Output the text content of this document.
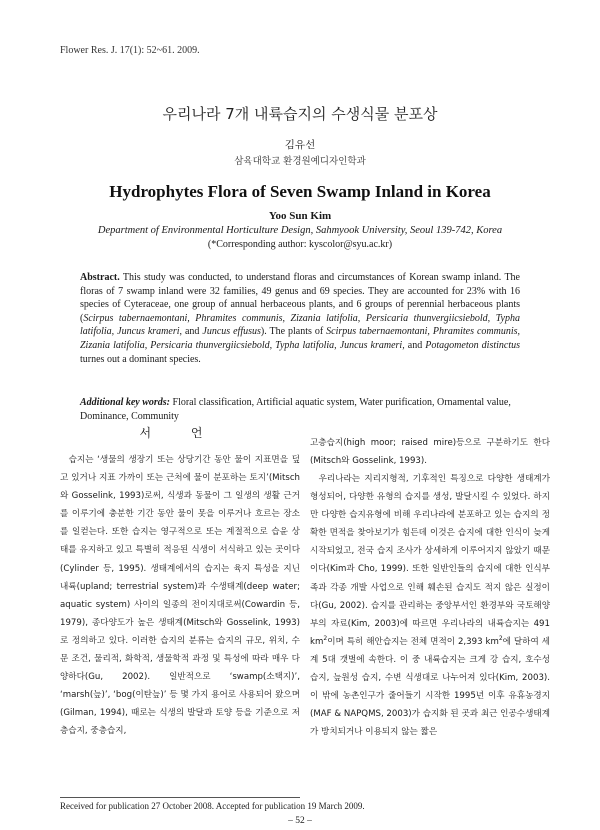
Flower Res. J. 17(1): 52~61. 2009.
우리나라 7개 내륙습지의 수생식물 분포상
김유선
삼육대학교 환경원예디자인학과
Hydrophytes Flora of Seven Swamp Inland in Korea
Yoo Sun Kim
Department of Environmental Horticulture Design, Sahmyook University, Seoul 139-742, Korea
(*Corresponding author: kyscolor@syu.ac.kr)
Abstract. This study was conducted, to understand floras and circumstances of Korean swamp inland. The floras of 7 swamp inland were 32 families, 49 genus and 69 species. They are accounted for 23% with 16 species of Cyteraceae, one group of annual herbaceous plants, and 6 groups of perennial herbaceous plants (Scirpus tabernaemontani, Phramites communis, Zizania latifolia, Persicaria thunvergiicsiebold, Typha latifolia, Juncus krameri, and Juncus effusus). The plants of Scirpus tabernaemontani, Phramites communis, Zizania latifolia, Persicaria thunvergiicsiebold, Typha latifolia, Juncus krameri, and Potagometon distinctus turnes out a dominant species.
Additional key words: Floral classification, Artificial aquatic system, Water purification, Ornamental value, Dominance, Community
서 언

습지는 ‘생물의 생장기 또는 상당기간 동안 물이 지표면을 덮고 있거나 지표 가까이 또는 근처에 물이 분포하는 토지’(Mitsch와 Gosselink, 1993)로써, 식생과 동물이 그 일생의 생활 근거를 이루기에 충분한 기간 동안 물이 못을 이루거나 흐르는 장소를 일컫는다. 또한 습지는 영구적으로 또는 계절적으로 습윤 상태를 유지하고 있고 특별히 적응된 식생이 서식하고 있는 곳이다(Cylinder 등, 1995). 생태계에서의 습지는 육지 특성을 지닌 내륙(upland; terrestrial system)과 수생태계(deep water; aquatic system) 사이의 일종의 전이지대로써(Cowardin 등, 1979), 종다양도가 높은 생태계(Mitsch와 Gosselink, 1993)로 정의하고 있다. 이러한 습지의 분류는 습지의 규모, 위치, 수문 조건, 물리적, 화학적, 생물학적 과정 및 특성에 따라 매우 다양하다(Gu, 2002). 일반적으로 ‘swamp(소택지)’, ‘marsh(늪)’, ‘bog(이탄늪)’ 등 몇 가지 용어로 사용되어 왔으며(Gilman, 1994), 때로는 식생의 발달과 토양 등을 기준으로 저층습지, 중층습지,

고층습지(high moor; raised mire)등으로 구분하기도 한다(Mitsch와 Gosselink, 1993).

우리나라는 지리지형적, 기후적인 특징으로 다양한 생태계가 형성되어, 다양한 유형의 습지를 생성, 발달시킬 수 있었다. 하지만 다양한 습지유형에 비해 우리나라에 분포하고 있는 습지의 정확한 면적을 찾아보기가 힘든데 이것은 습지에 대한 인식이 늦게 시작되었고, 전국 습지 조사가 상세하게 이루어지지 않았기 때문이다(Kim과 Cho, 1999). 또한 일반인들의 습지에 대한 인식부족과 각종 개발 사업으로 인해 훼손된 습지도 적지 않은 실정이다(Gu, 2002). 습지를 관리하는 중앙부서인 환경부와 국토해양부의 자료(Kim, 2003)에 따르면 우리나라의 내륙습지는 491 $km^2$이며 특히 해안습지는 전체 면적이 2,393 $km^2$에 달하여 세계 5대 갯벌에 속한다. 이 중 내륙습지는 크게 강 습지, 호수성 습지, 늪원성 습지, 수변 식생대로 나누어져 있다(Kim, 2003). 이 밖에 농촌인구가 줄어들기 시작한 1995년 이후 유휴농경지(MAF & NAPQMS, 2003)가 습지화 된 곳과 최근 인공수생태계가 방치되거나 이용되지 않는 짧은

Received for publication 27 October 2008. Accepted for publication 19 March 2009.
– 52 –
